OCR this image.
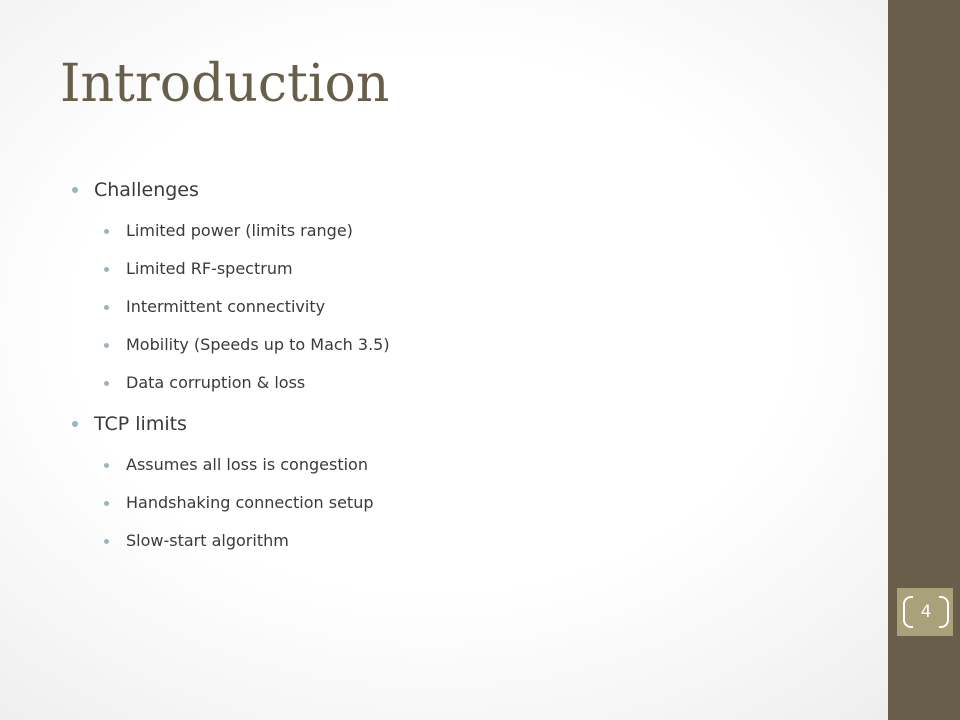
Introduction
Challenges
Limited power (limits range)
Limited RF-spectrum
Intermittent connectivity
Mobility (Speeds up to Mach 3.5)
Data corruption & loss
TCP limits
Assumes all loss is congestion
Handshaking connection setup
Slow-start algorithm
4
